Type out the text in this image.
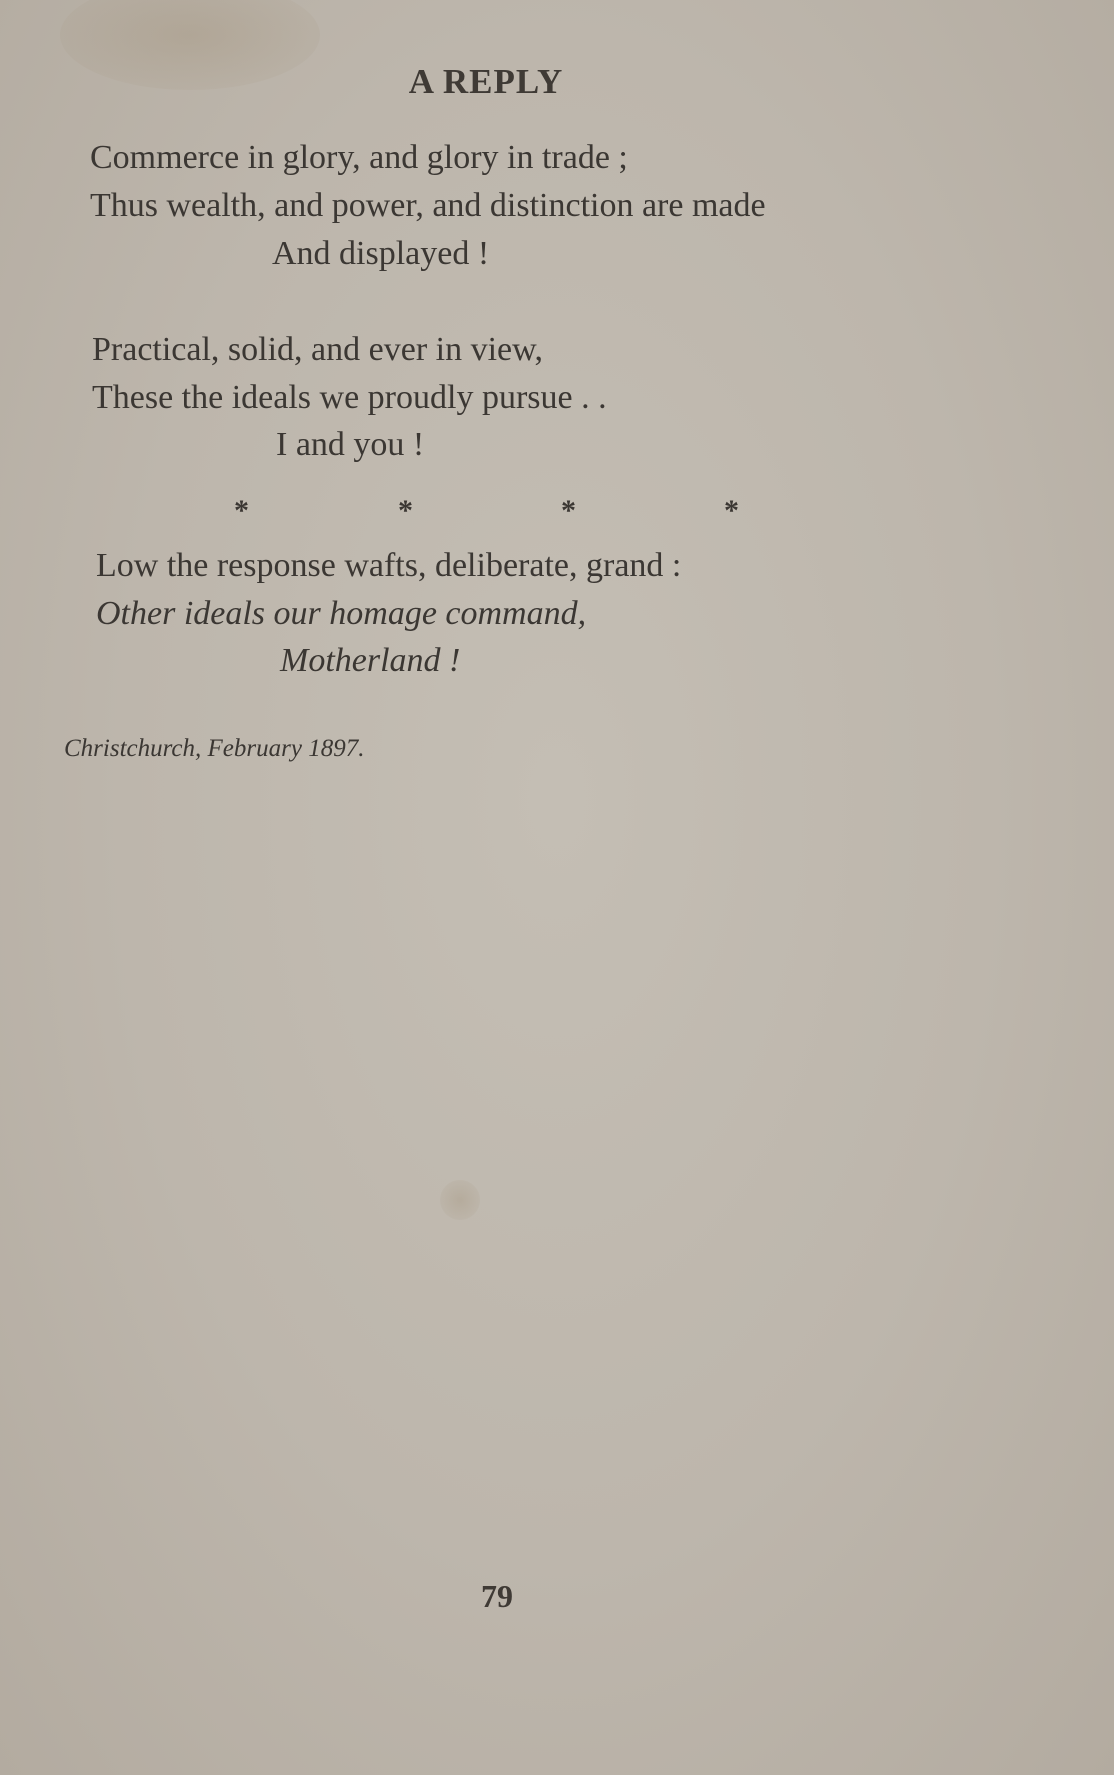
A REPLY
Commerce in glory, and glory in trade ;
Thus wealth, and power, and distinction are made
And displayed !
Practical, solid, and ever in view,
These the ideals we proudly pursue . .
I and you !
*	*	*	*
Low the response wafts, deliberate, grand :
Other ideals our homage command,
Motherland !
Christchurch, February 1897.
79
